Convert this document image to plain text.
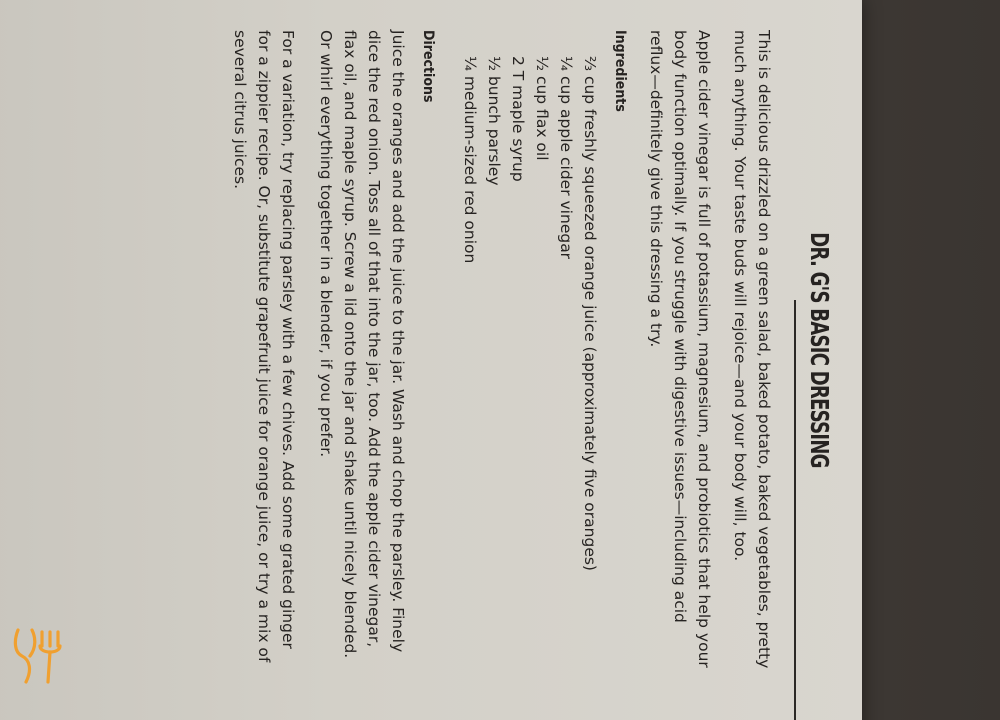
DR. G'S BASIC DRESSING

This is delicious drizzled on a green salad, baked potato, baked vegetables, pretty much anything. Your taste buds will rejoice—and your body will, too.

Apple cider vinegar is full of potassium, magnesium, and probiotics that help your body function optimally. If you struggle with digestive issues—including acid reflux—definitely give this dressing a try.

Ingredients
⅔ cup freshly squeezed orange juice (approximately five oranges)
¼ cup apple cider vinegar
½ cup flax oil
2 T maple syrup
½ bunch parsley
¼ medium-sized red onion
Directions

Juice the oranges and add the juice to the jar. Wash and chop the parsley. Finely dice the red onion. Toss all of that into the jar, too. Add the apple cider vinegar, flax oil, and maple syrup. Screw a lid onto the jar and shake until nicely blended. Or whirl everything together in a blender, if you prefer.

For a variation, try replacing parsley with a few chives. Add some grated ginger for a zippier recipe. Or, substitute grapefruit juice for orange juice, or try a mix of several citrus juices.
